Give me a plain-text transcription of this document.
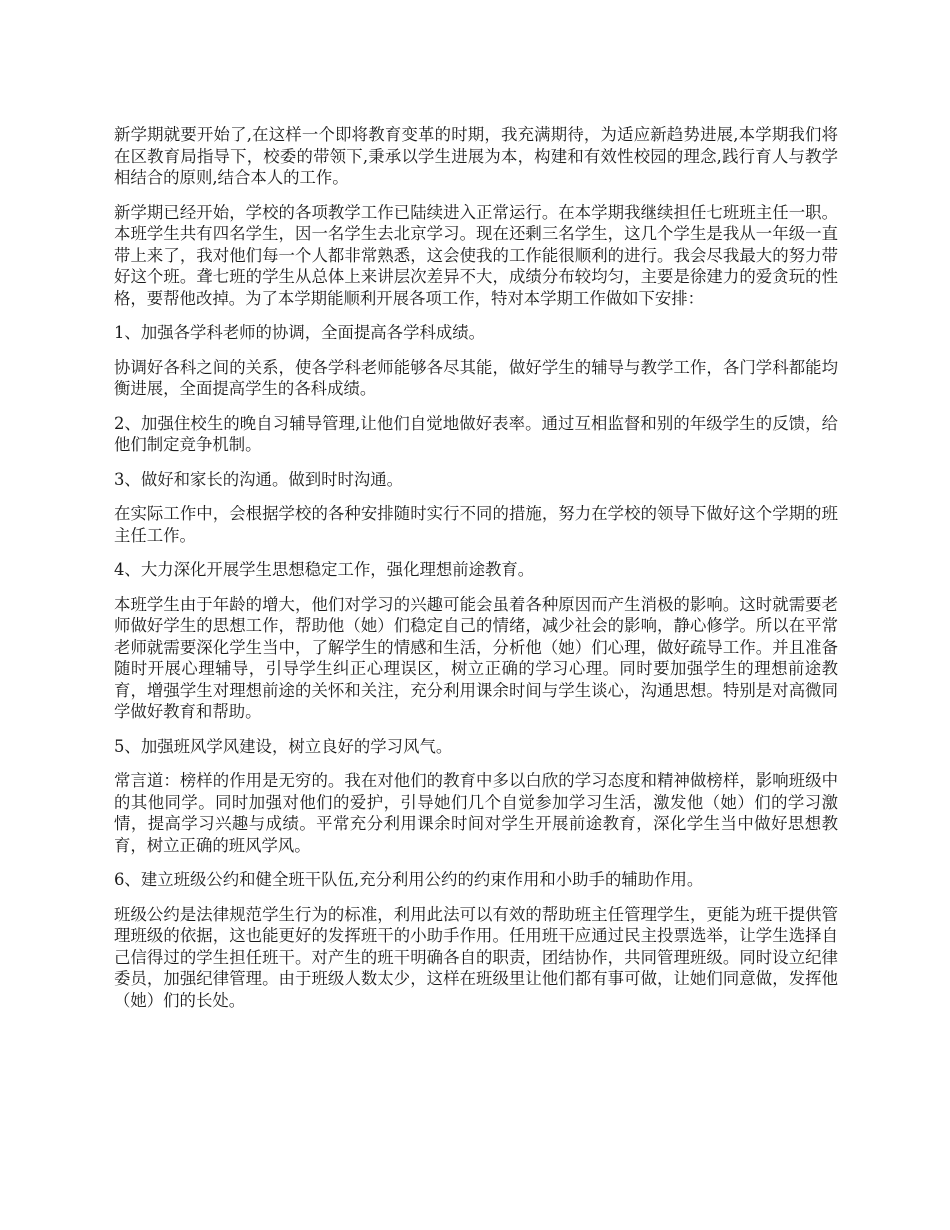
新学期就要开始了,在这样一个即将教育变革的时期，我充满期待，为适应新趋势进展,本学期我们将在区教育局指导下，校委的带领下,秉承以学生进展为本，构建和有效性校园的理念,践行育人与教学相结合的原则,结合本人的工作。

新学期已经开始，学校的各项教学工作已陆续进入正常运行。在本学期我继续担任七班班主任一职。本班学生共有四名学生，因一名学生去北京学习。现在还剩三名学生，这几个学生是我从一年级一直带上来了，我对他们每一个人都非常熟悉，这会使我的工作能很顺利的进行。我会尽我最大的努力带好这个班。聋七班的学生从总体上来讲层次差异不大，成绩分布较均匀，主要是徐建力的爱贪玩的性格，要帮他改掉。为了本学期能顺利开展各项工作，特对本学期工作做如下安排：

1、加强各学科老师的协调，全面提高各学科成绩。

协调好各科之间的关系，使各学科老师能够各尽其能，做好学生的辅导与教学工作，各门学科都能均衡进展，全面提高学生的各科成绩。

2、加强住校生的晚自习辅导管理,让他们自觉地做好表率。通过互相监督和别的年级学生的反馈，给他们制定竞争机制。

3、做好和家长的沟通。做到时时沟通。

在实际工作中，会根据学校的各种安排随时实行不同的措施，努力在学校的领导下做好这个学期的班主任工作。

4、大力深化开展学生思想稳定工作，强化理想前途教育。

本班学生由于年龄的增大，他们对学习的兴趣可能会虽着各种原因而产生消极的影响。这时就需要老师做好学生的思想工作，帮助他（她）们稳定自己的情绪，减少社会的影响，静心修学。所以在平常老师就需要深化学生当中，了解学生的情感和生活，分析他（她）们心理，做好疏导工作。并且准备随时开展心理辅导，引导学生纠正心理误区，树立正确的学习心理。同时要加强学生的理想前途教育，增强学生对理想前途的关怀和关注，充分利用课余时间与学生谈心，沟通思想。特别是对高微同学做好教育和帮助。

5、加强班风学风建设，树立良好的学习风气。

常言道：榜样的作用是无穷的。我在对他们的教育中多以白欣的学习态度和精神做榜样，影响班级中的其他同学。同时加强对他们的爱护，引导她们几个自觉参加学习生活，激发他（她）们的学习激情，提高学习兴趣与成绩。平常充分利用课余时间对学生开展前途教育，深化学生当中做好思想教育，树立正确的班风学风。

6、建立班级公约和健全班干队伍,充分利用公约的约束作用和小助手的辅助作用。

班级公约是法律规范学生行为的标准，利用此法可以有效的帮助班主任管理学生，更能为班干提供管理班级的依据，这也能更好的发挥班干的小助手作用。任用班干应通过民主投票选举，让学生选择自己信得过的学生担任班干。对产生的班干明确各自的职责，团结协作，共同管理班级。同时设立纪律委员，加强纪律管理。由于班级人数太少，这样在班级里让他们都有事可做，让她们同意做，发挥他（她）们的长处。
